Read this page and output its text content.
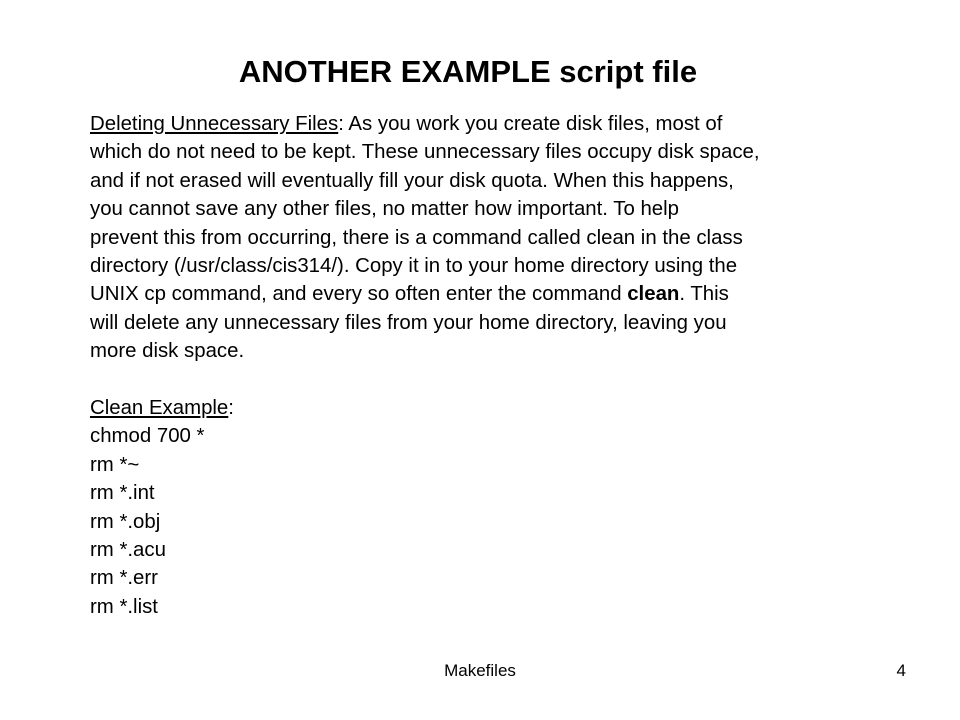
ANOTHER EXAMPLE script file
Deleting Unnecessary Files: As you work you create disk files, most of
which do not need to be kept. These unnecessary files occupy disk space,
and if not erased will eventually fill your disk quota. When this happens,
you cannot save any other files, no matter how important. To help
prevent this from occurring, there is a command called clean in the class
directory (/usr/class/cis314/). Copy it in to your home directory using the
UNIX cp command, and every so often enter the command clean. This
will delete any unnecessary files from your home directory, leaving you
more disk space.
Clean Example:
chmod 700 *
rm *~
rm *.int
rm *.obj
rm *.acu
rm *.err
rm *.list
Makefiles	4
